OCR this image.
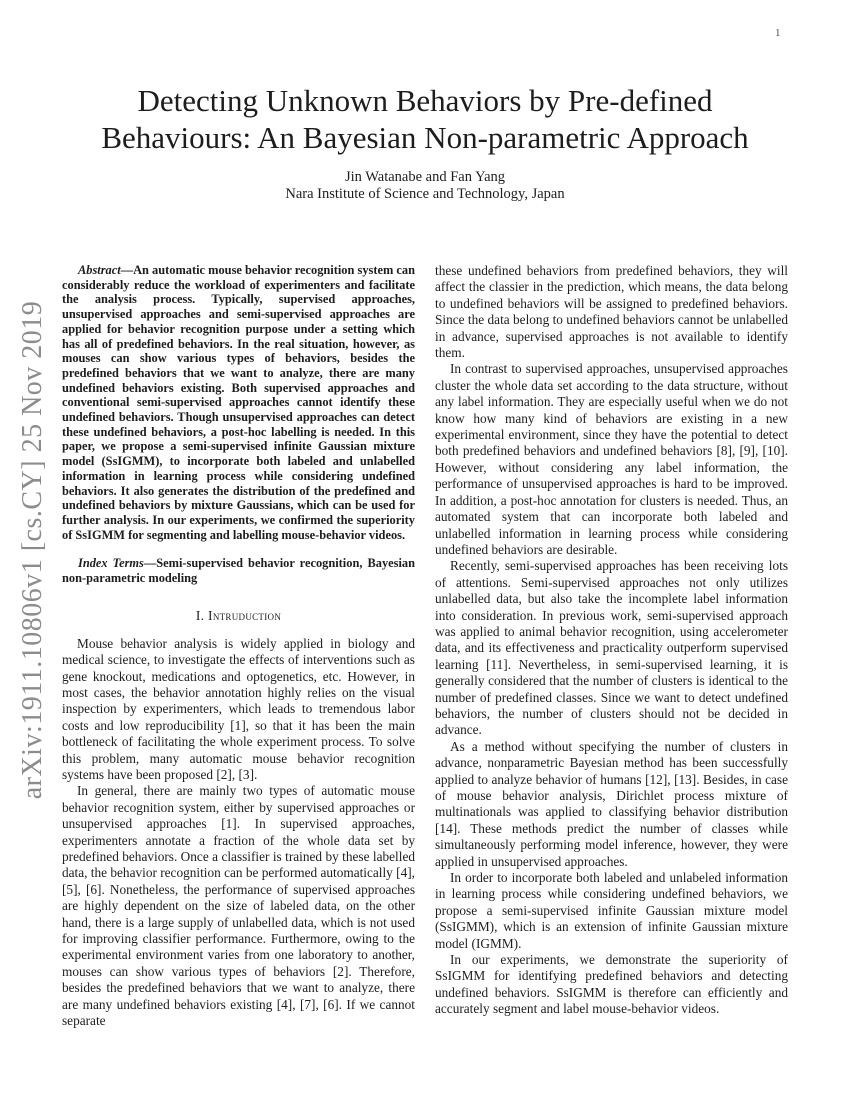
arXiv:1911.10806v1 [cs.CY] 25 Nov 2019
1
Detecting Unknown Behaviors by Pre-defined
Behaviours: An Bayesian Non-parametric Approach
Jin Watanabe and Fan Yang
Nara Institute of Science and Technology, Japan

Abstract—An automatic mouse behavior recognition system can considerably reduce the workload of experimenters and facilitate the analysis process. Typically, supervised approaches, unsupervised approaches and semi-supervised approaches are applied for behavior recognition purpose under a setting which has all of predefined behaviors. In the real situation, however, as mouses can show various types of behaviors, besides the predefined behaviors that we want to analyze, there are many undefined behaviors existing. Both supervised approaches and conventional semi-supervised approaches cannot identify these undefined behaviors. Though unsupervised approaches can detect these undefined behaviors, a post-hoc labelling is needed. In this paper, we propose a semi-supervised infinite Gaussian mixture model (SsIGMM), to incorporate both labeled and unlabelled information in learning process while considering undefined behaviors. It also generates the distribution of the predefined and undefined behaviors by mixture Gaussians, which can be used for further analysis. In our experiments, we confirmed the superiority of SsIGMM for segmenting and labelling mouse-behavior videos.

Index Terms—Semi-supervised behavior recognition, Bayesian non-parametric modeling

I. Intruduction

Mouse behavior analysis is widely applied in biology and medical science, to investigate the effects of interventions such as gene knockout, medications and optogenetics, etc. However, in most cases, the behavior annotation highly relies on the visual inspection by experimenters, which leads to tremendous labor costs and low reproducibility [1], so that it has been the main bottleneck of facilitating the whole experiment process. To solve this problem, many automatic mouse behavior recognition systems have been proposed [2], [3].

In general, there are mainly two types of automatic mouse behavior recognition system, either by supervised approaches or unsupervised approaches [1]. In supervised approaches, experimenters annotate a fraction of the whole data set by predefined behaviors. Once a classifier is trained by these labelled data, the behavior recognition can be performed automatically [4], [5], [6]. Nonetheless, the performance of supervised approaches are highly dependent on the size of labeled data, on the other hand, there is a large supply of unlabelled data, which is not used for improving classifier performance. Furthermore, owing to the experimental environment varies from one laboratory to another, mouses can show various types of behaviors [2]. Therefore, besides the predefined behaviors that we want to analyze, there are many undefined behaviors existing [4], [7], [6]. If we cannot separate

these undefined behaviors from predefined behaviors, they will affect the classier in the prediction, which means, the data belong to undefined behaviors will be assigned to predefined behaviors. Since the data belong to undefined behaviors cannot be unlabelled in advance, supervised approaches is not available to identify them.

In contrast to supervised approaches, unsupervised approaches cluster the whole data set according to the data structure, without any label information. They are especially useful when we do not know how many kind of behaviors are existing in a new experimental environment, since they have the potential to detect both predefined behaviors and undefined behaviors [8], [9], [10]. However, without considering any label information, the performance of unsupervised approaches is hard to be improved. In addition, a post-hoc annotation for clusters is needed. Thus, an automated system that can incorporate both labeled and unlabelled information in learning process while considering undefined behaviors are desirable.

Recently, semi-supervised approaches has been receiving lots of attentions. Semi-supervised approaches not only utilizes unlabelled data, but also take the incomplete label information into consideration. In previous work, semi-supervised approach was applied to animal behavior recognition, using accelerometer data, and its effectiveness and practicality outperform supervised learning [11]. Nevertheless, in semi-supervised learning, it is generally considered that the number of clusters is identical to the number of predefined classes. Since we want to detect undefined behaviors, the number of clusters should not be decided in advance.

As a method without specifying the number of clusters in advance, nonparametric Bayesian method has been successfully applied to analyze behavior of humans [12], [13]. Besides, in case of mouse behavior analysis, Dirichlet process mixture of multinationals was applied to classifying behavior distribution [14]. These methods predict the number of classes while simultaneously performing model inference, however, they were applied in unsupervised approaches.

In order to incorporate both labeled and unlabeled information in learning process while considering undefined behaviors, we propose a semi-supervised infinite Gaussian mixture model (SsIGMM), which is an extension of infinite Gaussian mixture model (IGMM).

In our experiments, we demonstrate the superiority of SsIGMM for identifying predefined behaviors and detecting undefined behaviors. SsIGMM is therefore can efficiently and accurately segment and label mouse-behavior videos.
